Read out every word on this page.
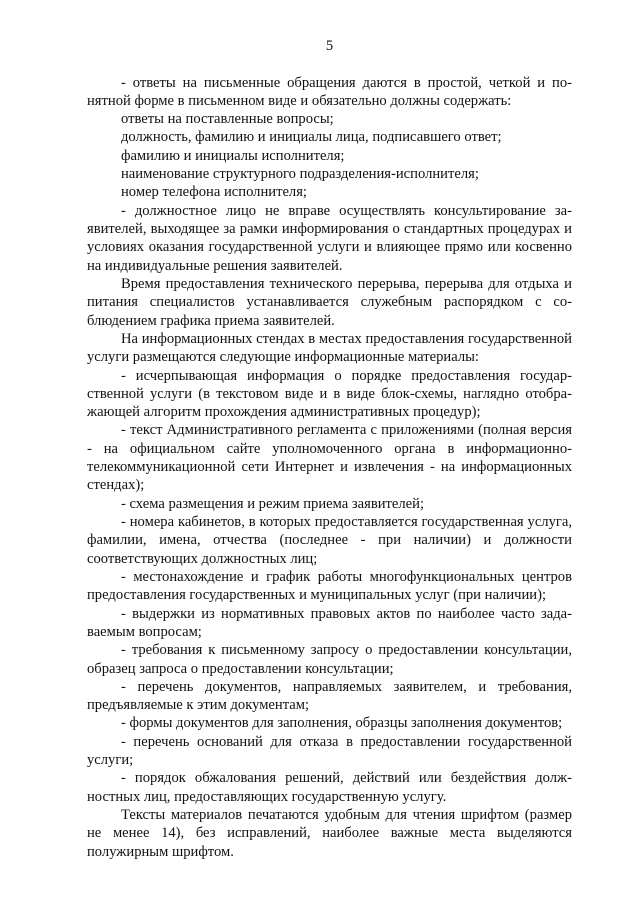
5

- ответы на письменные обращения даются в простой, четкой и понятной форме в письменном виде и обязательно должны содержать:

ответы на поставленные вопросы;

должность, фамилию и инициалы лица, подписавшего ответ;

фамилию и инициалы исполнителя;

наименование структурного подразделения-исполнителя;

номер телефона исполнителя;

- должностное лицо не вправе осуществлять консультирование заявителей, выходящее за рамки информирования о стандартных процедурах и условиях оказания государственной услуги и влияющее прямо или косвенно на индивидуальные решения заявителей.

Время предоставления технического перерыва, перерыва для отдыха и питания специалистов устанавливается служебным распорядком с соблюдением графика приема заявителей.

На информационных стендах в местах предоставления государственной услуги размещаются следующие информационные материалы:

- исчерпывающая информация о порядке предоставления государственной услуги (в текстовом виде и в виде блок-схемы, наглядно отображающей алгоритм прохождения административных процедур);

- текст Административного регламента с приложениями (полная версия - на официальном сайте уполномоченного органа в информационно-телекоммуникационной сети Интернет и извлечения - на информационных стендах);

- схема размещения и режим приема заявителей;

- номера кабинетов, в которых предоставляется государственная услуга, фамилии, имена, отчества (последнее - при наличии) и должности соответствующих должностных лиц;

- местонахождение и график работы многофункциональных центров предоставления государственных и муниципальных услуг (при наличии);

- выдержки из нормативных правовых актов по наиболее часто задаваемым вопросам;

- требования к письменному запросу о предоставлении консультации, образец запроса о предоставлении консультации;

- перечень документов, направляемых заявителем, и требования, предъявляемые к этим документам;

- формы документов для заполнения, образцы заполнения документов;

- перечень оснований для отказа в предоставлении государственной услуги;

- порядок обжалования решений, действий или бездействия должностных лиц, предоставляющих государственную услугу.

Тексты материалов печатаются удобным для чтения шрифтом (размер не менее 14), без исправлений, наиболее важные места выделяются полужирным шрифтом.
